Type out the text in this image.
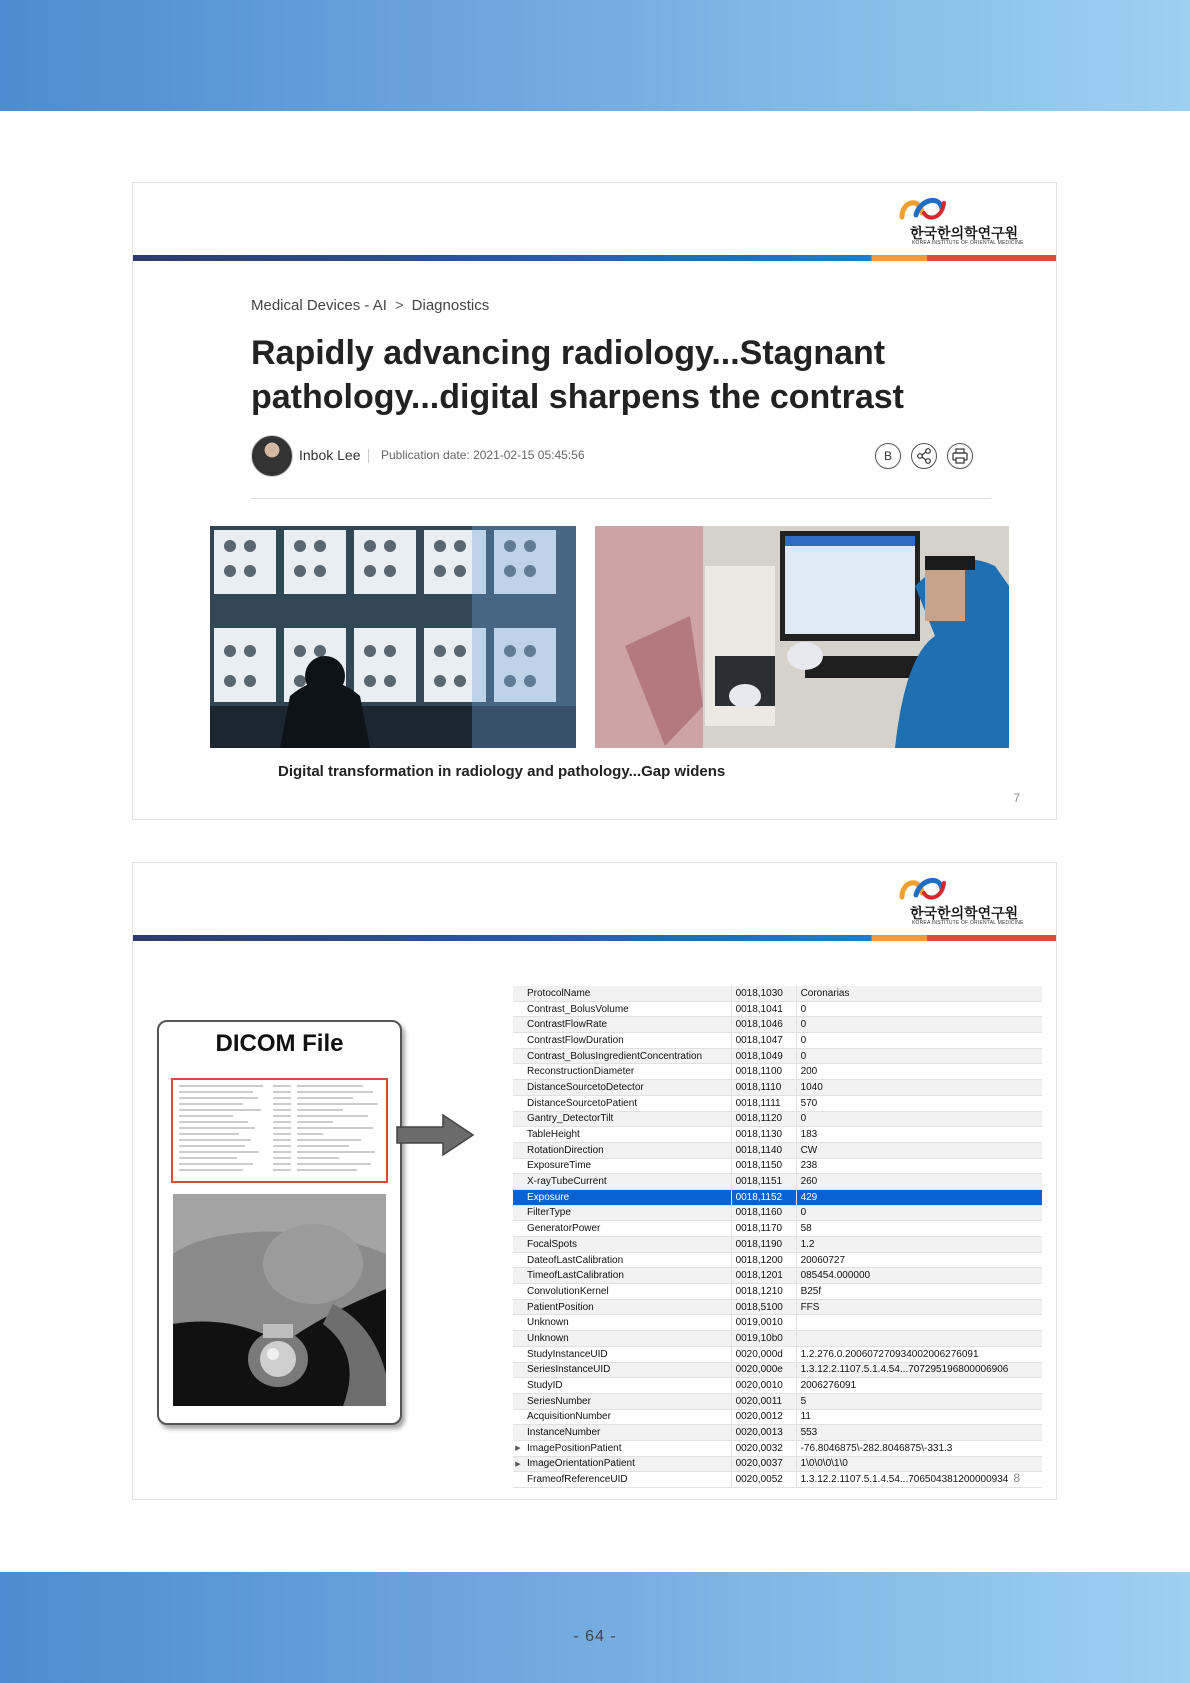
한국한의학연구원
KOREA INSTITUTE OF ORIENTAL MEDICINE
Medical Devices - AI > Diagnostics
Rapidly advancing radiology...Stagnant pathology...digital sharpens the contrast
Inbok Lee Publication date: 2021-02-15 05:45:56	B
Digital transformation in radiology and pathology...Gap widens
7
한국한의학연구원
KOREA INSTITUTE OF ORIENTAL MEDICINE
DICOM File
	ProtocolName	0018,1030	Coronarias
	Contrast_BolusVolume	0018,1041	0
	ContrastFlowRate	0018,1046	0
	ContrastFlowDuration	0018,1047	0
	Contrast_BolusIngredientConcentration	0018,1049	0
	ReconstructionDiameter	0018,1100	200
	DistanceSourcetoDetector	0018,1110	1040
	DistanceSourcetoPatient	0018,1111	570
	Gantry_DetectorTilt	0018,1120	0
	TableHeight	0018,1130	183
	RotationDirection	0018,1140	CW
	ExposureTime	0018,1150	238
	X-rayTubeCurrent	0018,1151	260
	Exposure	0018,1152	429
	FilterType	0018,1160	0
	GeneratorPower	0018,1170	58
	FocalSpots	0018,1190	1.2
	DateofLastCalibration	0018,1200	20060727
	TimeofLastCalibration	0018,1201	085454.000000
	ConvolutionKernel	0018,1210	B25f
	PatientPosition	0018,5100	FFS
	Unknown	0019,0010	
	Unknown	0019,10b0	
	StudyInstanceUID	0020,000d	1.2.276.0.20060727093400200627609​1
	SeriesInstanceUID	0020,000e	1.3.12.2.1107.5.1.4.54...707295196800006906
	StudyID	0020,0010	2006276091
	SeriesNumber	0020,0011	5
	AcquisitionNumber	0020,0012	11
	InstanceNumber	0020,0013	553
▶	ImagePositionPatient	0020,0032	-76.8046875\-282.8046875\-331.3
▶	ImageOrientationPatient	0020,0037	1\0\0\0\1\0
	FrameofReferenceUID	0020,0052	1.3.12.2.1107.5.1.4.54...706504381200000934 8
- 64 -
